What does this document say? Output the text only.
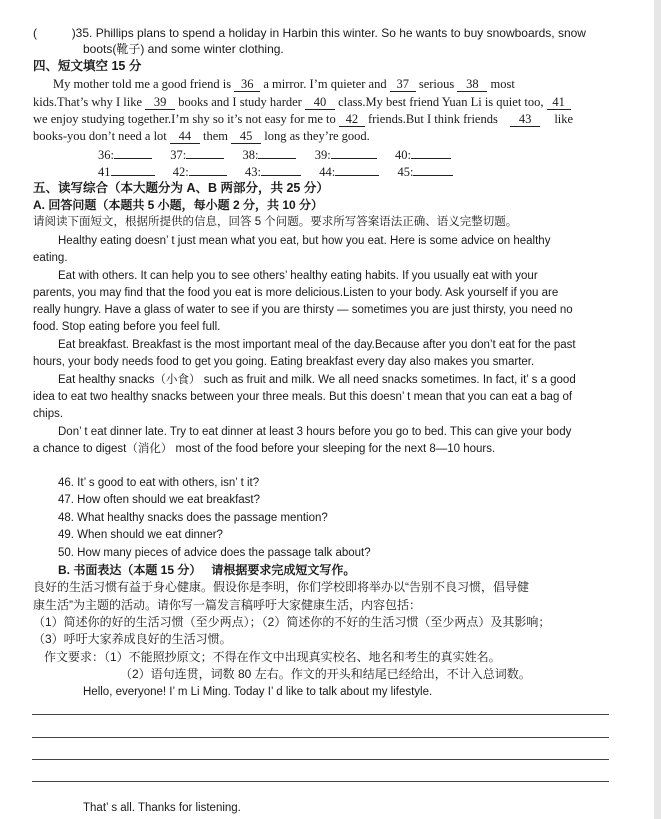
(	)35. Phillips plans to spend a holiday in Harbin this winter. So he wants to buy snowboards, snow
boots(靴子) and some winter clothing.
四、短文填空 15 分
My mother told me a good friend is 36 a mirror. I’m quieter and 37 serious 38 most
kids.That’s why I like 39 books and I study harder 40 class.My best friend Yuan Li is quiet too, 41
we enjoy studying together.I’m shy so it’s not easy for me to 42 friends.But I think friends 43 like
books-you don’t need a lot 44 them 45 long as they’re good.
36:	37:	38:	39:	40:
41	42:	43:	44:	45:
五、读写综合（本大题分为 A、B 两部分，共 25 分）
A. 回答问题（本题共 5 小题，每小题 2 分，共 10 分）
请阅读下面短文，根据所提供的信息，回答 5 个问题。要求所写答案语法正确、语义完整切题。
Healthy eating doesn’ t just mean what you eat, but how you eat. Here is some advice on healthy
eating.
Eat with others. It can help you to see others’ healthy eating habits. If you usually eat with your
parents, you may find that the food you eat is more delicious.Listen to your body. Ask yourself if you are
really hungry. Have a glass of water to see if you are thirsty — sometimes you are just thirsty, you need no
food. Stop eating before you feel full.
Eat breakfast. Breakfast is the most important meal of the day.Because after you don’t eat for the past
hours, your body needs food to get you going. Eating breakfast every day also makes you smarter.
Eat healthy snacks（小食） such as fruit and milk. We all need snacks sometimes. In fact, it’ s a good
idea to eat two healthy snacks between your three meals. But this doesn’ t mean that you can eat a bag of
chips.
Don’ t eat dinner late. Try to eat dinner at least 3 hours before you go to bed. This can give your body
a chance to digest（消化） most of the food before your sleeping for the next 8—10 hours.
46. It’ s good to eat with others, isn’ t it?
47. How often should we eat breakfast?
48. What healthy snacks does the passage mention?
49. When should we eat dinner?
50. How many pieces of advice does the passage talk about?
B. 书面表达（本题 15 分）   请根据要求完成短文写作。
良好的生活习惯有益于身心健康。假设你是李明，你们学校即将举办以“告别不良习惯，倡导健
康生活”为主题的活动。请你写一篇发言稿呼吁大家健康生活，内容包括：
（1）简述你的好的生活习惯（至少两点）；（2）简述你的不好的生活习惯（至少两点）及其影响；
（3）呼吁大家养成良好的生活习惯。
作文要求：（1）不能照抄原文；不得在作文中出现真实校名、地名和考生的真实姓名。
（2）语句连贯，词数 80 左右。作文的开头和结尾已经给出，不计入总词数。
Hello, everyone! I’ m Li Ming. Today I’ d like to talk about my lifestyle.
That’ s all. Thanks for listening.
